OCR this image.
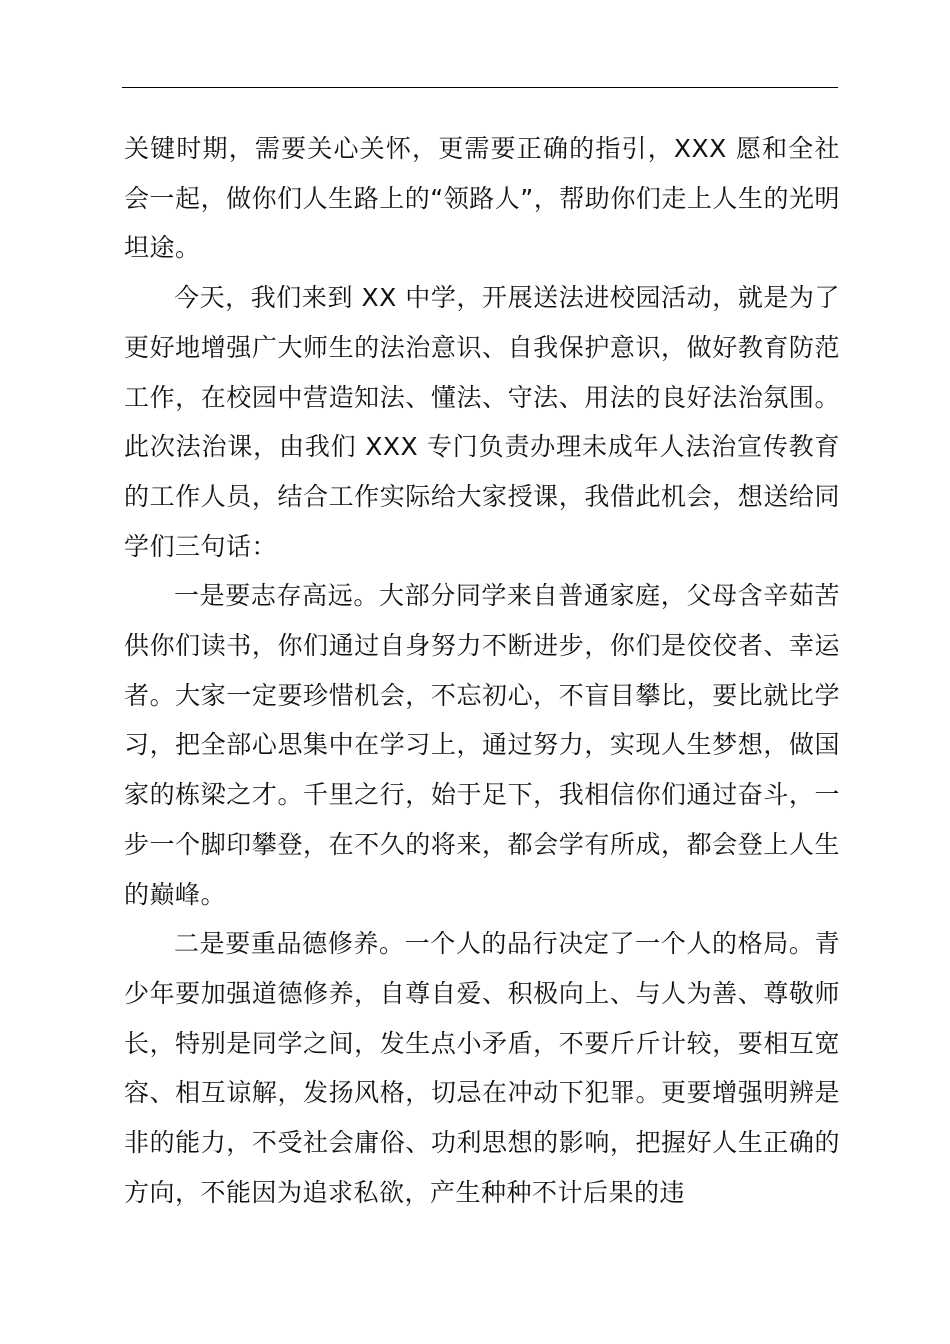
关键时期，需要关心关怀，更需要正确的指引，XXX 愿和全社会一起，做你们人生路上的“领路人”，帮助你们走上人生的光明坦途。

今天，我们来到 XX 中学，开展送法进校园活动，就是为了更好地增强广大师生的法治意识、自我保护意识，做好教育防范工作，在校园中营造知法、懂法、守法、用法的良好法治氛围。此次法治课，由我们 XXX 专门负责办理未成年人法治宣传教育的工作人员，结合工作实际给大家授课，我借此机会，想送给同学们三句话：

一是要志存高远。大部分同学来自普通家庭，父母含辛茹苦供你们读书，你们通过自身努力不断进步，你们是佼佼者、幸运者。大家一定要珍惜机会，不忘初心，不盲目攀比，要比就比学习，把全部心思集中在学习上，通过努力，实现人生梦想，做国家的栋梁之才。千里之行，始于足下，我相信你们通过奋斗，一步一个脚印攀登，在不久的将来，都会学有所成，都会登上人生的巅峰。

二是要重品德修养。一个人的品行决定了一个人的格局。青少年要加强道德修养，自尊自爱、积极向上、与人为善、尊敬师长，特别是同学之间，发生点小矛盾，不要斤斤计较，要相互宽容、相互谅解，发扬风格，切忌在冲动下犯罪。更要增强明辨是非的能力，不受社会庸俗、功利思想的影响，把握好人生正确的方向，不能因为追求私欲，产生种种不计后果的违
